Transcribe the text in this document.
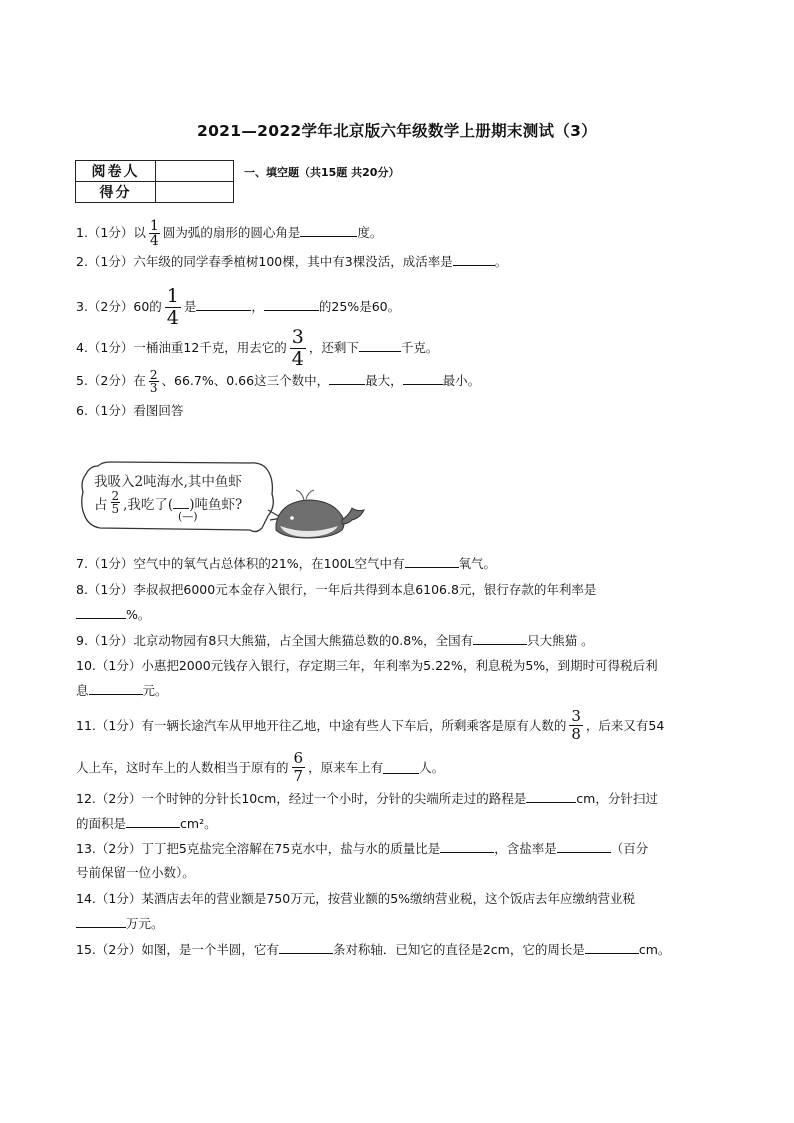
2021—2022学年北京版六年级数学上册期末测试（3）
阅卷人	
得分	
一、填空题（共15题 共20分）
1.（1分）以 $\frac{1}{4}$ 圆为弧的扇形的圆心角是	度。
2.（1分）六年级的同学春季植树100棵，其中有3棵没活，成活率是	。
3.（2分）60的 $\frac{1}{4}$ 是	，	的25%是60。
4.（1分）一桶油重12千克，用去它的 $\frac{3}{4}$ ，还剩下	千克。
5.（2分）在 $\frac{2}{3}$ 、66.7%、0.66这三个数中，	最大，	最小。
6.（1分）看图回答
我吸入2吨海水,其中鱼虾
占 $\frac{2}{5}$ ,我吃了( )吨鱼虾?
(—)
7.（1分）空气中的氧气占总体积的21%，在100L空气中有	氧气。
8.（1分）李叔叔把6000元本金存入银行，一年后共得到本息6106.8元，银行存款的年利率是
%。
9.（1分）北京动物园有8只大熊猫，占全国大熊猫总数的0.8%，全国有	只大熊猫 。
10.（1分）小惠把2000元钱存入银行，存定期三年，年利率为5.22%，利息税为5%，到期时可得税后利
息	元。
11.（1分）有一辆长途汽车从甲地开往乙地，中途有些人下车后，所剩乘客是原有人数的 $\frac{3}{8}$ ，后来又有54
人上车，这时车上的人数相当于原有的 $\frac{6}{7}$ ，原来车上有	人。
12.（2分）一个时钟的分针长10cm，经过一个小时，分针的尖端所走过的路程是	cm，分针扫过
的面积是	cm²。
13.（2分）丁丁把5克盐完全溶解在75克水中，盐与水的质量比是	，含盐率是	（百分
号前保留一位小数）。
14.（1分）某酒店去年的营业额是750万元，按营业额的5%缴纳营业税，这个饭店去年应缴纳营业税
万元。
15.（2分）如图，是一个半圆，它有	条对称轴．已知它的直径是2cm，它的周长是	cm。
